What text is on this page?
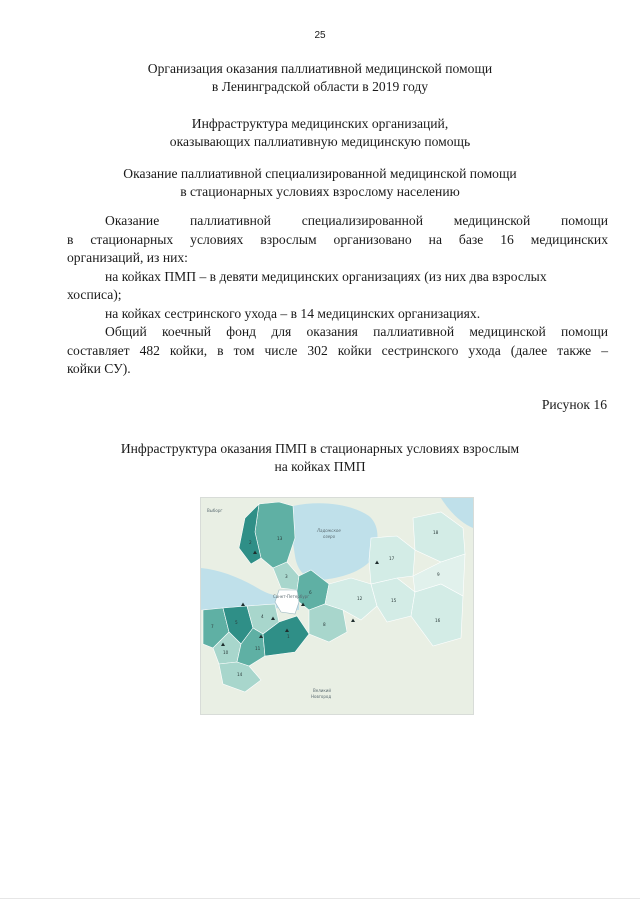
25
Организация оказания паллиативной медицинской помощи
в Ленинградской области в 2019 году
Инфраструктура медицинских организаций,
оказывающих паллиативную медицинскую помощь
Оказание паллиативной специализированной медицинской помощи
в стационарных условиях взрослому населению
Оказание паллиативной специализированной медицинской помощи
в стационарных условиях взрослым организовано на базе 16 медицинских
организаций, из них:
на койках ПМП – в девяти медицинских организациях (из них два взрослых
хосписа);
на койках сестринского ухода – в 14 медицинских организациях.
Общий коечный фонд для оказания паллиативной медицинской помощи
составляет 482 койки, в том числе 302 койки сестринского ухода (далее также –
койки СУ).
Рисунок 16
Инфраструктура оказания ПМП в стационарных условиях взрослым
на койках ПМП
13
2
3
7
5
4
10
11
14
1
6
8
12	15
17
18
16
9
Выборг
Ладожское
озеро
Санкт-Петербург
Великий
Новгород
